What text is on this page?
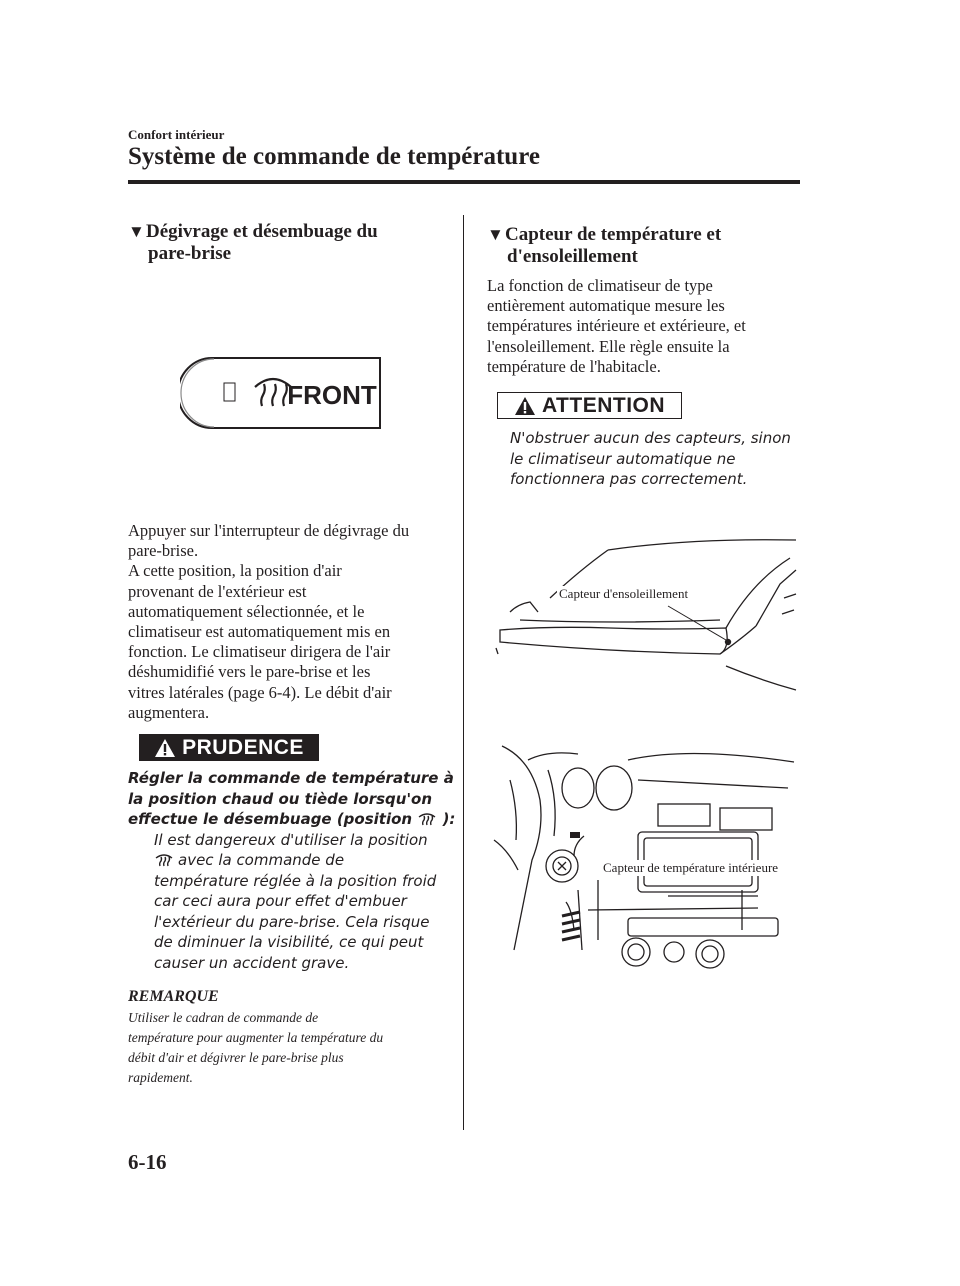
Confort intérieur
Système de commande de température
▼Dégivrage et désembuage du
pare-brise
FRONT

Appuyer sur l'interrupteur de dégivrage du

pare-brise.

A cette position, la position d'air

provenant de l'extérieur est

automatiquement sélectionnée, et le

climatiseur est automatiquement mis en

fonction. Le climatiseur dirigera de l'air

déshumidifié vers le pare-brise et les

vitres latérales (page 6-4). Le débit d'air

augmentera.

PRUDENCE
Régler la commande de température à
la position chaud ou tiède lorsqu'on
effectue le désembuage (position ):
Il est dangereux d'utiliser la position
avec la commande de
température réglée à la position froid
car ceci aura pour effet d'embuer
l'extérieur du pare-brise. Cela risque
de diminuer la visibilité, ce qui peut
causer un accident grave.
REMARQUE
Utiliser le cadran de commande de
température pour augmenter la température du
débit d'air et dégivrer le pare-brise plus
rapidement.
▼Capteur de température et
d'ensoleillement

La fonction de climatiseur de type

entièrement automatique mesure les

températures intérieure et extérieure, et

l'ensoleillement. Elle règle ensuite la

température de l'habitacle.

ATTENTION
N'obstruer aucun des capteurs, sinon
le climatiseur automatique ne
fonctionnera pas correctement.
Capteur d'ensoleillement
Capteur de température intérieure
6-16
